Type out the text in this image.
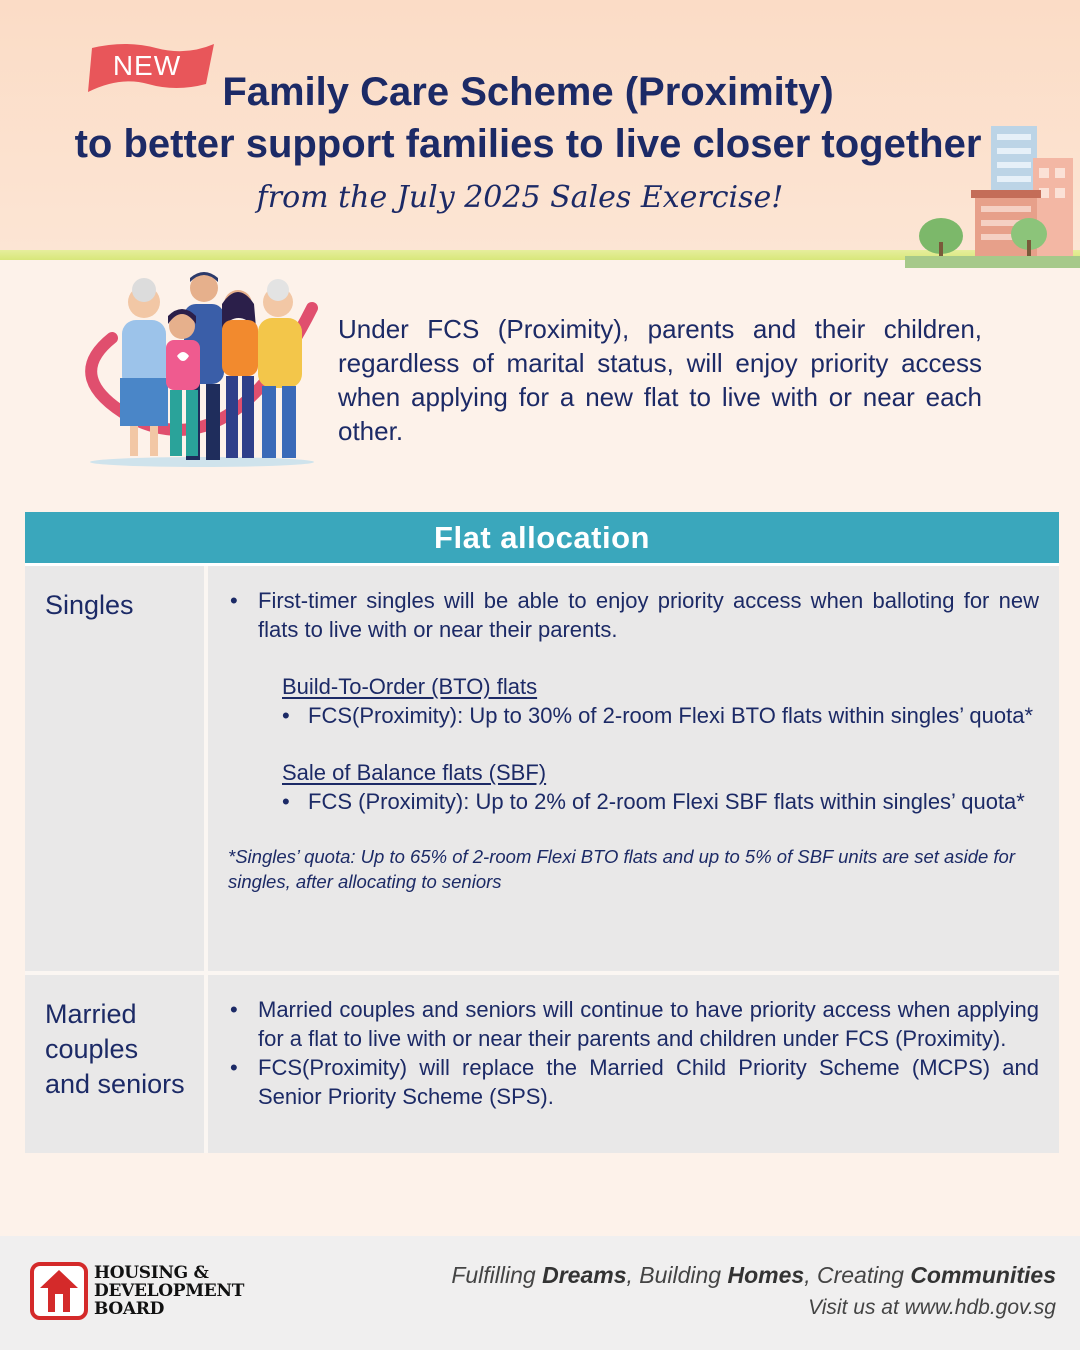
NEW
Family Care Scheme (Proximity)
to better support families to live closer together
from the July 2025 Sales Exercise!
Under FCS (Proximity), parents and their children, regardless of marital status, will enjoy priority access when applying for a new flat to live with or near each other.
Flat allocation
Singles
•	First-timer singles will be able to enjoy priority access when balloting for new flats to live with or near their parents.
Build-To-Order (BTO) flats
• FCS(Proximity): Up to 30% of 2-room Flexi BTO flats within singles’ quota*
Sale of Balance flats (SBF)
• FCS (Proximity): Up to 2% of 2-room Flexi SBF flats within singles’ quota*
*Singles’ quota: Up to 65% of 2-room Flexi BTO flats and up to 5% of SBF units are set aside for singles, after allocating to seniors
Married
couples
and seniors
• Married couples and seniors will continue to have priority access when applying for a flat to live with or near their parents and children under FCS (Proximity).
• FCS(Proximity) will replace the Married Child Priority Scheme (MCPS) and Senior Priority Scheme (SPS).
HOUSING &
DEVELOPMENT
BOARD
Fulfilling Dreams, Building Homes, Creating Communities
Visit us at www.hdb.gov.sg
